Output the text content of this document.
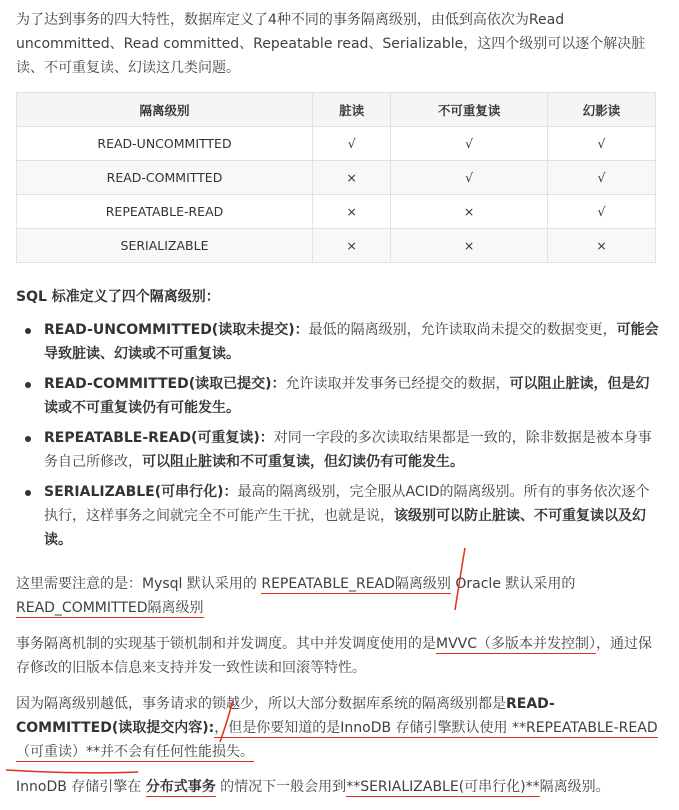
为了达到事务的四大特性，数据库定义了4种不同的事务隔离级别，由低到高依次为Read uncommitted、Read committed、Repeatable read、Serializable，这四个级别可以逐个解决脏读、不可重复读、幻读这几类问题。
隔离级别	脏读	不可重复读	幻影读
READ-UNCOMMITTED	√	√	√
READ-COMMITTED	×	√	√
REPEATABLE-READ	×	×	√
SERIALIZABLE	×	×	×
SQL 标准定义了四个隔离级别：
READ-UNCOMMITTED(读取未提交)：最低的隔离级别，允许读取尚未提交的数据变更，可能会导致脏读、幻读或不可重复读。
READ-COMMITTED(读取已提交)：允许读取并发事务已经提交的数据，可以阻止脏读，但是幻读或不可重复读仍有可能发生。
REPEATABLE-READ(可重复读)：对同一字段的多次读取结果都是一致的，除非数据是被本身事务自己所修改，可以阻止脏读和不可重复读，但幻读仍有可能发生。
SERIALIZABLE(可串行化)：最高的隔离级别，完全服从ACID的隔离级别。所有的事务依次逐个执行，这样事务之间就完全不可能产生干扰，也就是说，该级别可以防止脏读、不可重复读以及幻读。
这里需要注意的是：Mysql 默认采用的 REPEATABLE_READ隔离级别 Oracle 默认采用的 READ_COMMITTED隔离级别
事务隔离机制的实现基于锁机制和并发调度。其中并发调度使用的是MVVC（多版本并发控制），通过保存修改的旧版本信息来支持并发一致性读和回滚等特性。
因为隔离级别越低，事务请求的锁越少，所以大部分数据库系统的隔离级别都是READ-COMMITTED(读取提交内容):，但是你要知道的是InnoDB 存储引擎默认使用 **REPEATABLE-READ（可重读）**并不会有任何性能损失。
InnoDB 存储引擎在 分布式事务 的情况下一般会用到**SERIALIZABLE(可串行化)**隔离级别。
